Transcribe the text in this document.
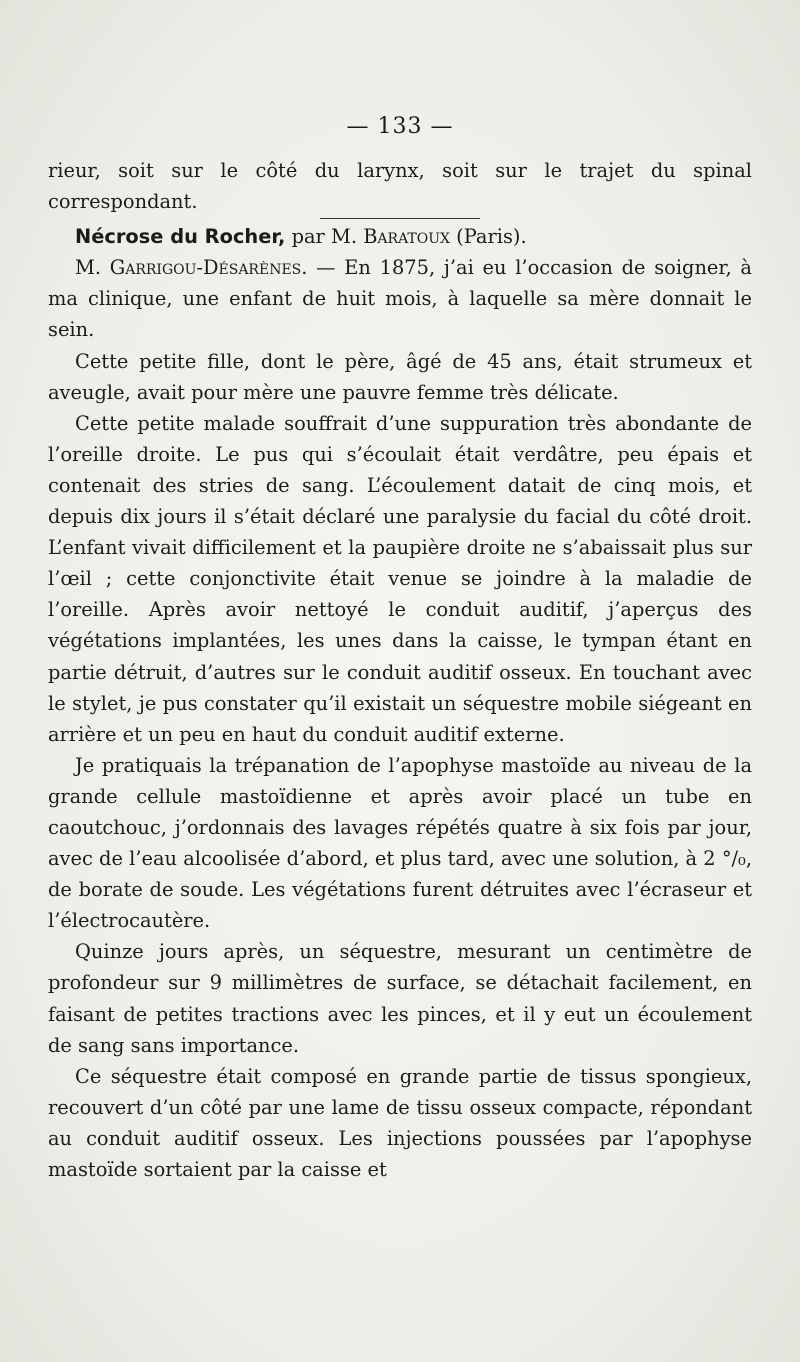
— 133 —

rieur, soit sur le côté du larynx, soit sur le trajet du spinal correspondant.

Nécrose du Rocher, par M. Baratoux (Paris).

M. Garrigou-Désarènes. — En 1875, j’ai eu l’occasion de soigner, à ma clinique, une enfant de huit mois, à laquelle sa mère donnait le sein.

Cette petite fille, dont le père, âgé de 45 ans, était strumeux et aveugle, avait pour mère une pauvre femme très délicate.

Cette petite malade souffrait d’une suppuration très abondante de l’oreille droite. Le pus qui s’écoulait était verdâtre, peu épais et contenait des stries de sang. L’écoulement datait de cinq mois, et depuis dix jours il s’était déclaré une paralysie du facial du côté droit. L’enfant vivait difficilement et la paupière droite ne s’abaissait plus sur l’œil ; cette conjonctivite était venue se joindre à la maladie de l’oreille. Après avoir nettoyé le conduit auditif, j’aperçus des végétations implantées, les unes dans la caisse, le tympan étant en partie détruit, d’autres sur le conduit auditif osseux. En touchant avec le stylet, je pus constater qu’il existait un séquestre mobile siégeant en arrière et un peu en haut du conduit auditif externe.

Je pratiquais la trépanation de l’apophyse mastoïde au niveau de la grande cellule mastoïdienne et après avoir placé un tube en caoutchouc, j’ordonnais des lavages répétés quatre à six fois par jour, avec de l’eau alcoolisée d’abord, et plus tard, avec une solution, à 2 °/₀, de borate de soude. Les végétations furent détruites avec l’écraseur et l’électrocautère.

Quinze jours après, un séquestre, mesurant un centimètre de profondeur sur 9 millimètres de surface, se détachait facilement, en faisant de petites tractions avec les pinces, et il y eut un écoulement de sang sans importance.

Ce séquestre était composé en grande partie de tissus spongieux, recouvert d’un côté par une lame de tissu osseux compacte, répondant au conduit auditif osseux. Les injections poussées par l’apophyse mastoïde sortaient par la caisse et
